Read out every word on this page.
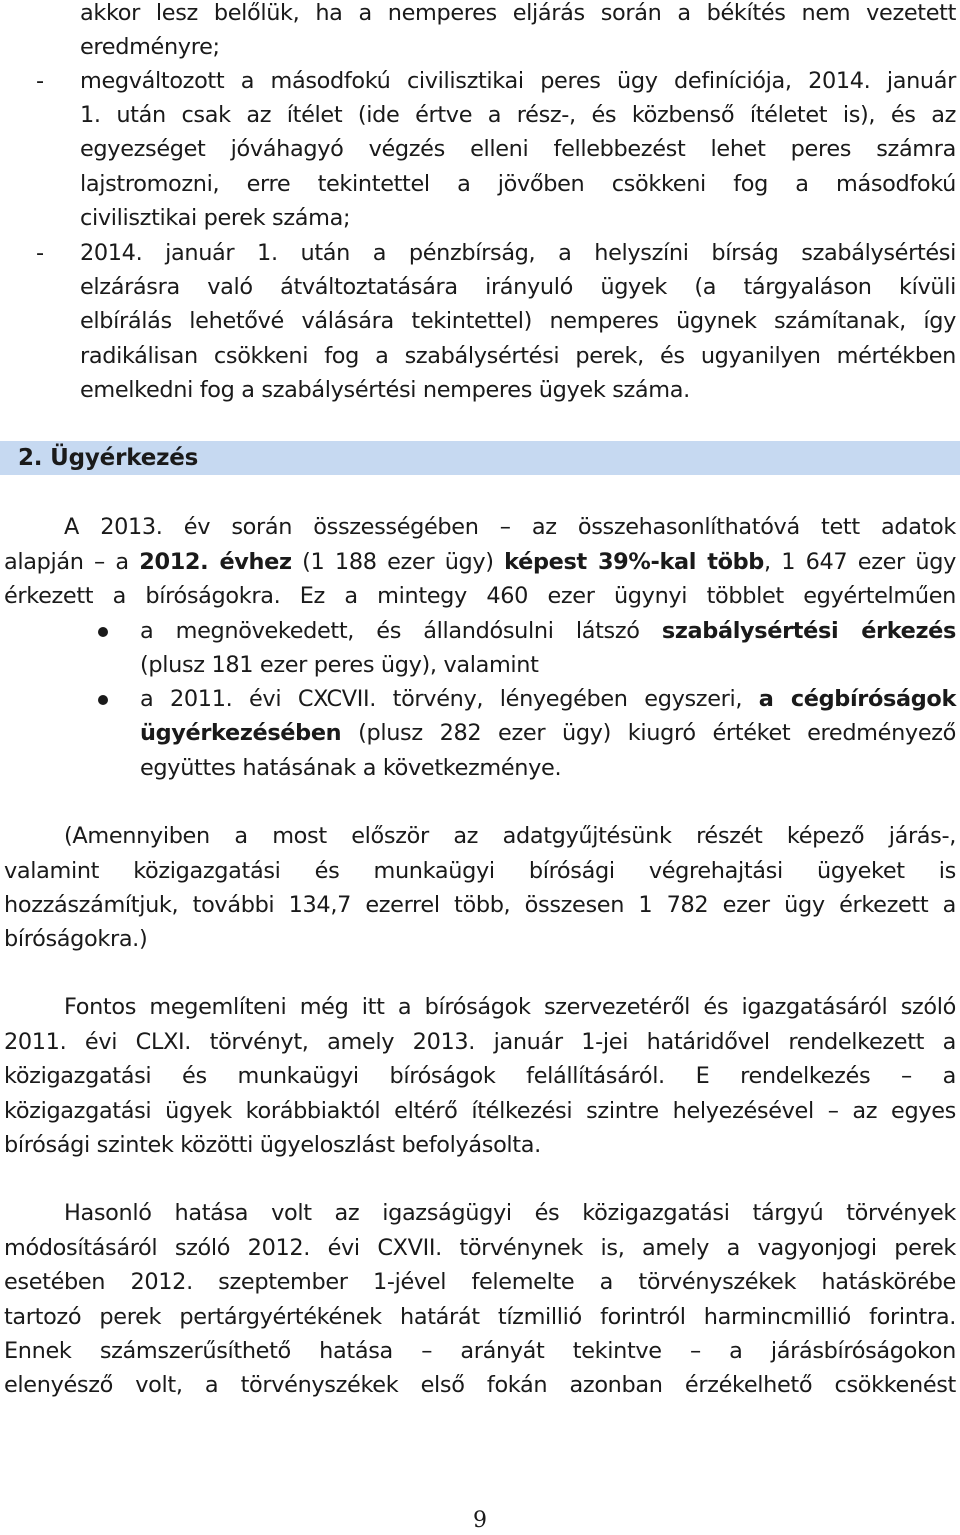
akkor lesz belőlük, ha a nemperes eljárás során a békítés nem vezetett

eredményre;

-	megváltozott a másodfokú civilisztikai peres ügy definíciója, 2014. január

1. után csak az ítélet (ide értve a rész-, és közbenső ítéletet is), és az

egyezséget jóváhagyó végzés elleni fellebbezést lehet peres számra

lajstromozni, erre tekintettel a jövőben csökkeni fog a másodfokú

civilisztikai perek száma;

-	2014. január 1. után a pénzbírság, a helyszíni bírság szabálysértési

elzárásra való átváltoztatására irányuló ügyek (a tárgyaláson kívüli

elbírálás lehetővé válására tekintettel) nemperes ügynek számítanak, így

radikálisan csökkeni fog a szabálysértési perek, és ugyanilyen mértékben

emelkedni fog a szabálysértési nemperes ügyek száma.

2. Ügyérkezés

A 2013. év során összességében – az összehasonlíthatóvá tett adatok

alapján – a 2012. évhez (1 188 ezer ügy) képest 39%-kal több, 1 647 ezer ügy

érkezett a bíróságokra. Ez a mintegy 460 ezer ügynyi többlet egyértelműen

a megnövekedett, és állandósulni látszó szabálysértési érkezés

(plusz 181 ezer peres ügy), valamint

a 2011. évi CXCVII. törvény, lényegében egyszeri, a cégbíróságok

ügyérkezésében (plusz 282 ezer ügy) kiugró értéket eredményező

együttes hatásának a következménye.

(Amennyiben a most először az adatgyűjtésünk részét képező járás-,

valamint közigazgatási és munkaügyi bírósági végrehajtási ügyeket is

hozzászámítjuk, további 134,7 ezerrel több, összesen 1 782 ezer ügy érkezett a

bíróságokra.)

Fontos megemlíteni még itt a bíróságok szervezetéről és igazgatásáról szóló

2011. évi CLXI. törvényt, amely 2013. január 1-jei határidővel rendelkezett a

közigazgatási és munkaügyi bíróságok felállításáról. E rendelkezés – a

közigazgatási ügyek korábbiaktól eltérő ítélkezési szintre helyezésével – az egyes

bírósági szintek közötti ügyeloszlást befolyásolta.

Hasonló hatása volt az igazságügyi és közigazgatási tárgyú törvények

módosításáról szóló 2012. évi CXVII. törvénynek is, amely a vagyonjogi perek

esetében 2012. szeptember 1-jével felemelte a törvényszékek hatáskörébe

tartozó perek pertárgyértékének határát tízmillió forintról harmincmillió forintra.

Ennek számszerűsíthető hatása – arányát tekintve – a járásbíróságokon

elenyésző volt, a törvényszékek első fokán azonban érzékelhető csökkenést

9
